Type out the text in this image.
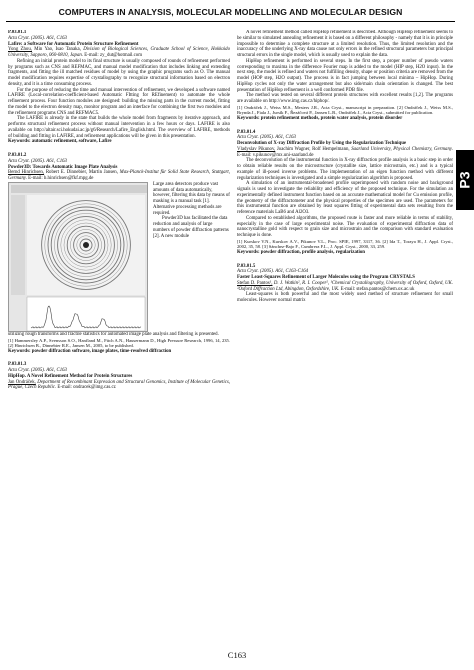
COMPUTERS IN ANALYSIS, MOLECULAR MODELLING AND MOLECULAR DESIGN
P3
P.03.01.1
Acta Cryst. (2005). A61, C163
Lafire: a Software for Automatic Protein Structure Refinement
Yong Zhou, Min Yao, Isao Tanaka, Division of Biological Sciences, Graduate School of Science, Hokkaido University, Sapporo, 060-0810, Japan. E-mail: zy_dut@hotmail.com

Refining an initial protein model to its final structure is usually composed of rounds of refinement performed by programs such as CNS and REFMAC, and manual model modification that includes linking and extending fragments, and fitting the ill matched residues of model by using the graphic programs such as O. The manual model modification requires expertise of crystallography to recognize structural information based on electron density, and it is a time consuming process.

For the purpose of reducing the time and manual intervention of refinement, we developed a software named LAFIRE (Local-correlation-coefficient-based Automatic FItting for REfinement) to automate the whole refinement process. Four function modules are designed: building the missing parts in the current model, fitting the model to the electron density map, monitor program and an interface for combining the first two modules and the refinement programs CNS and REFMAC5.

The LAFIRE is already in the state that builds the whole model from fragments by iterative approach, and performs structural refinement process without manual intervention in a few hours or days. LAFIRE is also available on http://altair.sci.hokudai.ac.jp/g6/Research/Lafire_English.html. The overview of LAFIRE, methods of building and fitting in LAFIRE, and refinement applications will be given in this presentation.

Keywords: automatic refinement, software, Lafire
P.03.01.2
Acta Cryst. (2005). A61, C163
Powder3D: Towards Automatic Image Plate Analysis
Bernd Hinrichsen, Robert E. Dinnebier, Martin Jansen, Max-Planck-Institut für Solid State Research, Stuttgart, Germany. E-mail: b.hinrichsen@fkf.mpg.de

Large area detectors produce vast amounts of data automatically, however, filtering this data by means of masking is a manual task [1]. Alternative processing methods are required.

Powder3D has facilitated the data reduction and analysis of large numbers of powder diffraction patterns [2]. A new module

utilizing rough transforms and fractile statistics for automated image plate analysis and filtering is presented.

[1] Hammersley A.P., Svensson S.O., Hanfland M., Fitch A.N., Hausermann D., High Pressure Research, 1996, 14, 235. [2] Hinrichsen B., Dinnebier R.E., Jansen M., 2005, to be published.
Keywords: powder diffraction software, image plates, time-resolved diffraction
P.03.01.3
Acta Cryst. (2005). A61, C163
HipHop. A Novel Refinement Method for Protein Structures
Jan Ondráček, Department of Recombinant Expression and Structural Genomics, Institute of Molecular Genetics, Prague, Czech Republic. E-mail: ondracek@img.cas.cz

A novel refinement method called HipHop refinement is described. Although HipHop refinement seems to be similar to simulated annealing refinement it is based on a different philosophy - namely that it is in principle impossible to determine a complete structure at a limited resolution. Thus, the limited resolution and the inaccuracy of the underlying X-ray data cause not only errors in the refined structural parameters but principal structural errors in the single model, which is usually used to explain the data.

HipHop refinement is performed in several steps. In the first step, a proper number of pseudo waters corresponding to maxima in the difference Fourier map is added to the model (HIP step, H2O input). In the next step, the model is refined and waters not fulfilling density, shape or position criteria are removed from the model (HOP step, H2O output). The process is in fact jumping between local minima – HipHop. During HipHop cycles not only the water arrangement but also side/main chain orientation is changed. The best presentation of HipHop refinement is a well conformed PDB file.

The method was tested on several different protein structures with excellent results [1,2]. The programs are available on http://www.img.cas.cz/hiphop/.

[1] Ondráček J., Weiss M.S., Mesters J.R., Acta Cryst., manuscript in preparation. [2] Ondráček J., Weiss M.S., Brynda J., Fiala J., Jursík F., Řezáčová P., Jansen L.B., Ondráček J., Acta Cryst., submitted for publication.
Keywords: protein refinement methods, protein water analysis, protein disorder
P.03.01.4
Acta Cryst. (2005). A61, C163
Deconvolution of X-ray Diffraction Profile by Using the Regularization Technique
Vladyslav Pikunov, Joachim Wagner, Rolf Hempelmann, Saarland University, Physical Chemistry, Germany. E-mail: v.pikunov@mx.uni-saarland.de

The deconvolution of the instrumental function in X-ray diffraction profile analysis is a basic step in order to obtain reliable results on the microstructure (crystallite size, lattice microstrain, etc.) and is a typical example of ill-posed inverse problems. The implementation of an eigen function method with different regularization techniques is investigated and a simple regularization algorithm is proposed.

A simulation of an instrumental-broadened profile superimposed with random noise and background signals is used to investigate the reliability and efficiency of the proposed technique. For the simulation an experimentally defined instrument function based on an accurate mathematical model for Cu emission profile, the geometry of the diffractometer and the physical properties of the specimen are used. The parameters for this instrumental function are obtained by least squares fitting of experimental data sets resulting from the reference materials LaB6 and Al2O3.

Compared to established algorithms, the proposed route is faster and more reliable in terms of stability, especially in the case of large experimental noise. The evaluation of experimental diffraction data of nanocrystalline gold with respect to grain size and microstrain and the comparison with standard evaluation technique is done.

[1] Kurskov V.N., Kurskov A.V., Pikunov V.L., Proc. SPIE, 1997, 3317, 36. [2] Ida T., Toraya H., J. Appl. Cryst., 2002, 35, 58. [3] Sánchez-Bajo F., Cumbrera F.L., J. Appl. Cryst., 2000, 33, 259.
Keywords: powder diffraction, profile analysis, regularization
P.03.01.5
Acta Cryst. (2005). A61, C163-C164
Faster Least-Squares Refinement of Larger Molecules using the Program CRYSTALS
Stefan D. Pantos¹, D. J. Watkin², R. I. Cooper², ¹Chemical Crystallography, University of Oxford, Oxford, UK. ²Oxford Diffraction Ltd, Abingdon, Oxfordshire, UK. E-mail: stefan.pantos@chem.ox.ac.uk

Least-squares is both powerful and the most widely used method of structure refinement for small molecules. However normal matrix

C163
